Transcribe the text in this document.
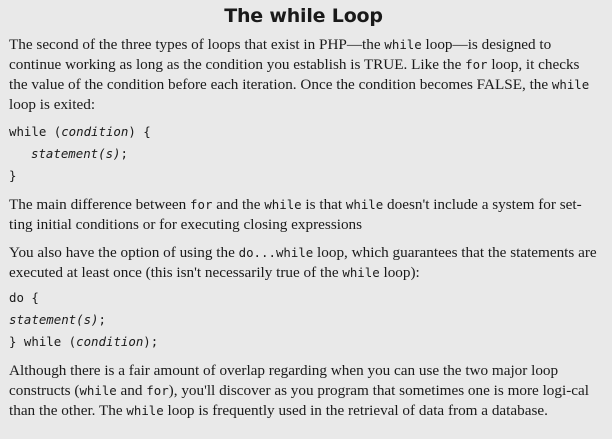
The while Loop
The second of the three types of loops that exist in PHP—the while loop—is designed to continue working as long as the condition you establish is TRUE. Like the for loop, it checks the value of the condition before each iteration. Once the condition becomes FALSE, the while loop is exited:
while (condition) {
statement(s);
}
The main difference between for and the while is that while doesn't include a system for set-ting initial conditions or for executing closing expressions
You also have the option of using the do...while loop, which guarantees that the statements are executed at least once (this isn't necessarily true of the while loop):
do {
statement(s);
} while (condition);
Although there is a fair amount of overlap regarding when you can use the two major loop constructs (while and for), you'll discover as you program that sometimes one is more logi-cal than the other. The while loop is frequently used in the retrieval of data from a database.
